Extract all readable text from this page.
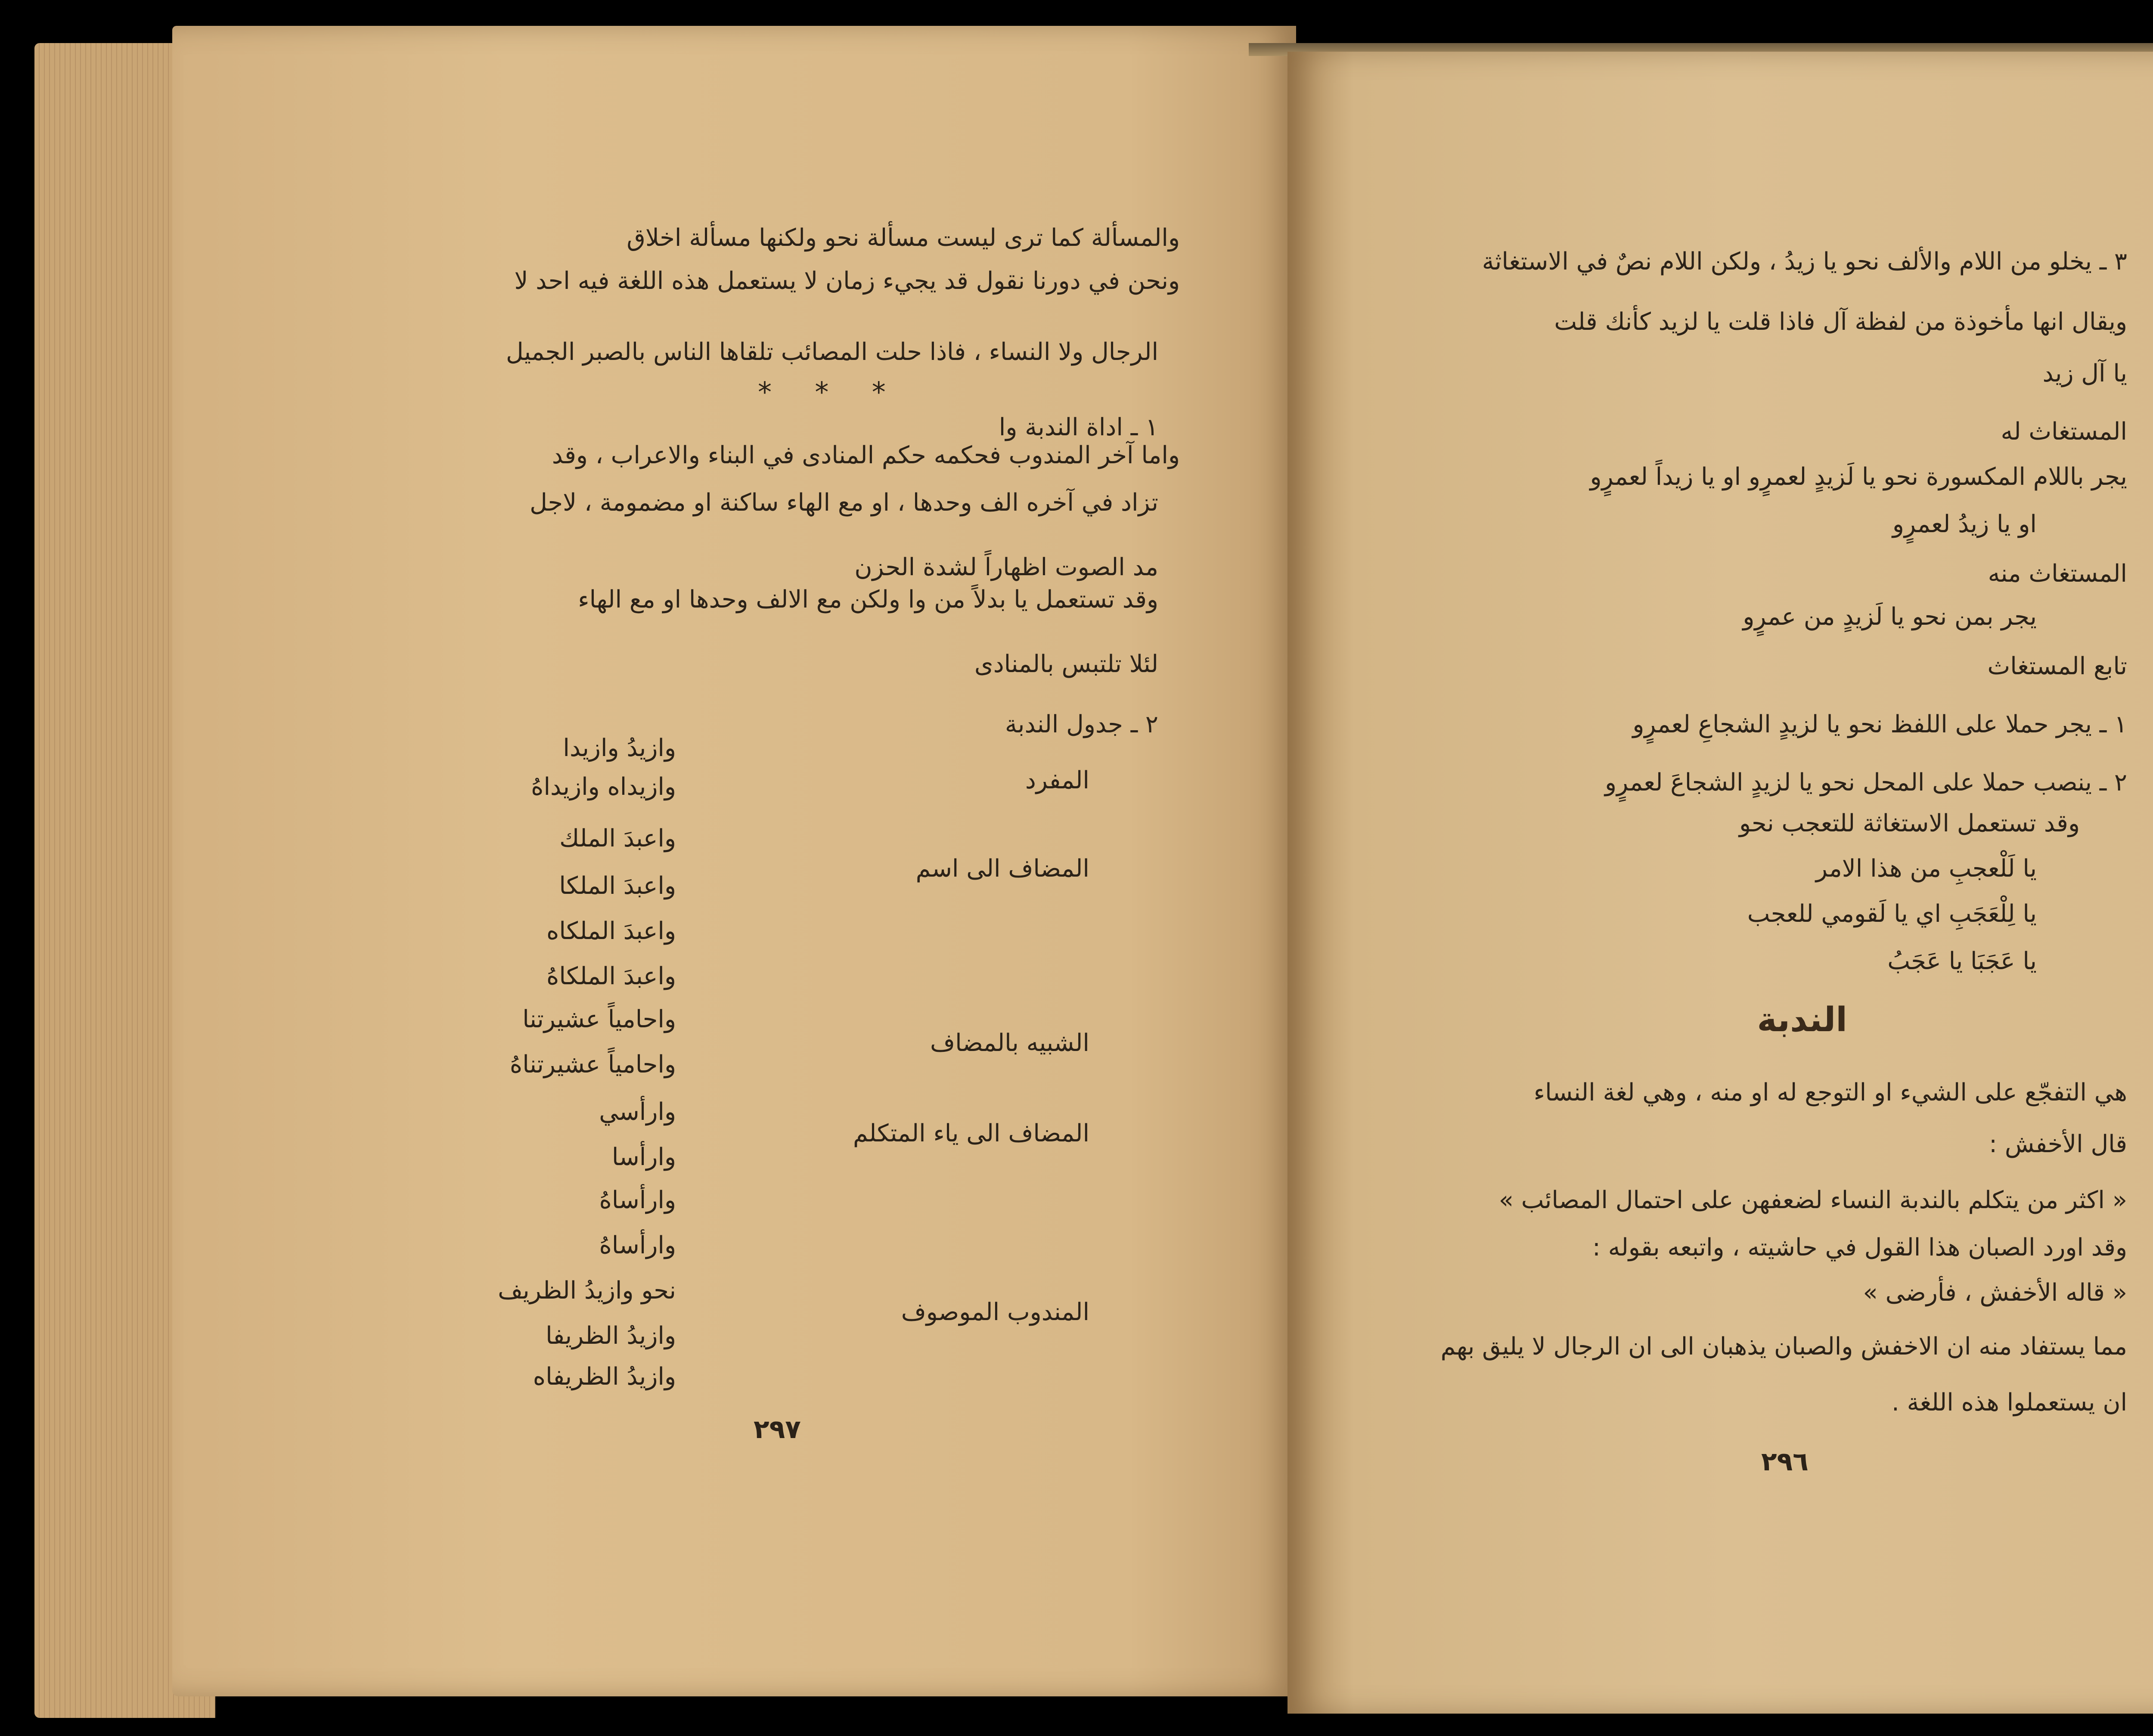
والمسألة كما ترى ليست مسألة نحو ولكنها مسألة اخلاق
ونحن في دورنا نقول قد يجيء زمان لا يستعمل هذه اللغة فيه احد لا
الرجال ولا النساء ، فاذا حلت المصائب تلقاها الناس بالصبر الجميل
* * *
١ ـ اداة الندبة وا
واما آخر المندوب فحكمه حكم المنادى في البناء والاعراب ، وقد
تزاد في آخره الف وحدها ، او مع الهاء ساكنة او مضمومة ، لاجل
مد الصوت اظهاراً لشدة الحزن
وقد تستعمل يا بدلاً من وا ولكن مع الالف وحدها او مع الهاء
لئلا تلتبس بالمنادى
٢ ـ جدول الندبة
المفرد
وازيدُ وازيدا
وازيداه وازيداهُ
المضاف الى اسم
واعبدَ الملك
واعبدَ الملكا
واعبدَ الملكاه
واعبدَ الملكاهُ
الشبيه بالمضاف
واحامياً عشيرتنا
واحامياً عشيرتناهُ
المضاف الى ياء المتكلم
وارأسي
وارأسا
وارأساهُ
وارأساهُ
المندوب الموصوف
نحو وازيدُ الظريف
وازيدُ الظريفا
وازيدُ الظريفاه
٢٩٧
٣ ـ يخلو من اللام والألف نحو يا زيدُ ، ولكن اللام نصٌ في الاستغاثة
ويقال انها مأخوذة من لفظة آل فاذا قلت يا لزيد كأنك قلت
يا آل زيد
المستغاث له
يجر باللام المكسورة نحو يا لَزيدٍ لعمرٍو او يا زيداً لعمرٍو
او يا زيدُ لعمرٍو
المستغاث منه
يجر بمن نحو يا لَزيدٍ من عمرٍو
تابع المستغاث
١ ـ يجر حملا على اللفظ نحو يا لزيدٍ الشجاعِ لعمرٍو
٢ ـ ينصب حملا على المحل نحو يا لزيدٍ الشجاعَ لعمرٍو
وقد تستعمل الاستغاثة للتعجب نحو
يا لَلْعجبِ من هذا الامر
يا لِلْعَجَبِ اي يا لَقومي للعجب
يا عَجَبَا يا عَجَبُ
الندبة
هي التفجّع على الشيء او التوجع له او منه ، وهي لغة النساء
قال الأخفش :
« اكثر من يتكلم بالندبة النساء لضعفهن على احتمال المصائب »
وقد اورد الصبان هذا القول في حاشيته ، واتبعه بقوله :
« قاله الأخفش ، فأرضى »
مما يستفاد منه ان الاخفش والصبان يذهبان الى ان الرجال لا يليق بهم
ان يستعملوا هذه اللغة .
٢٩٦
